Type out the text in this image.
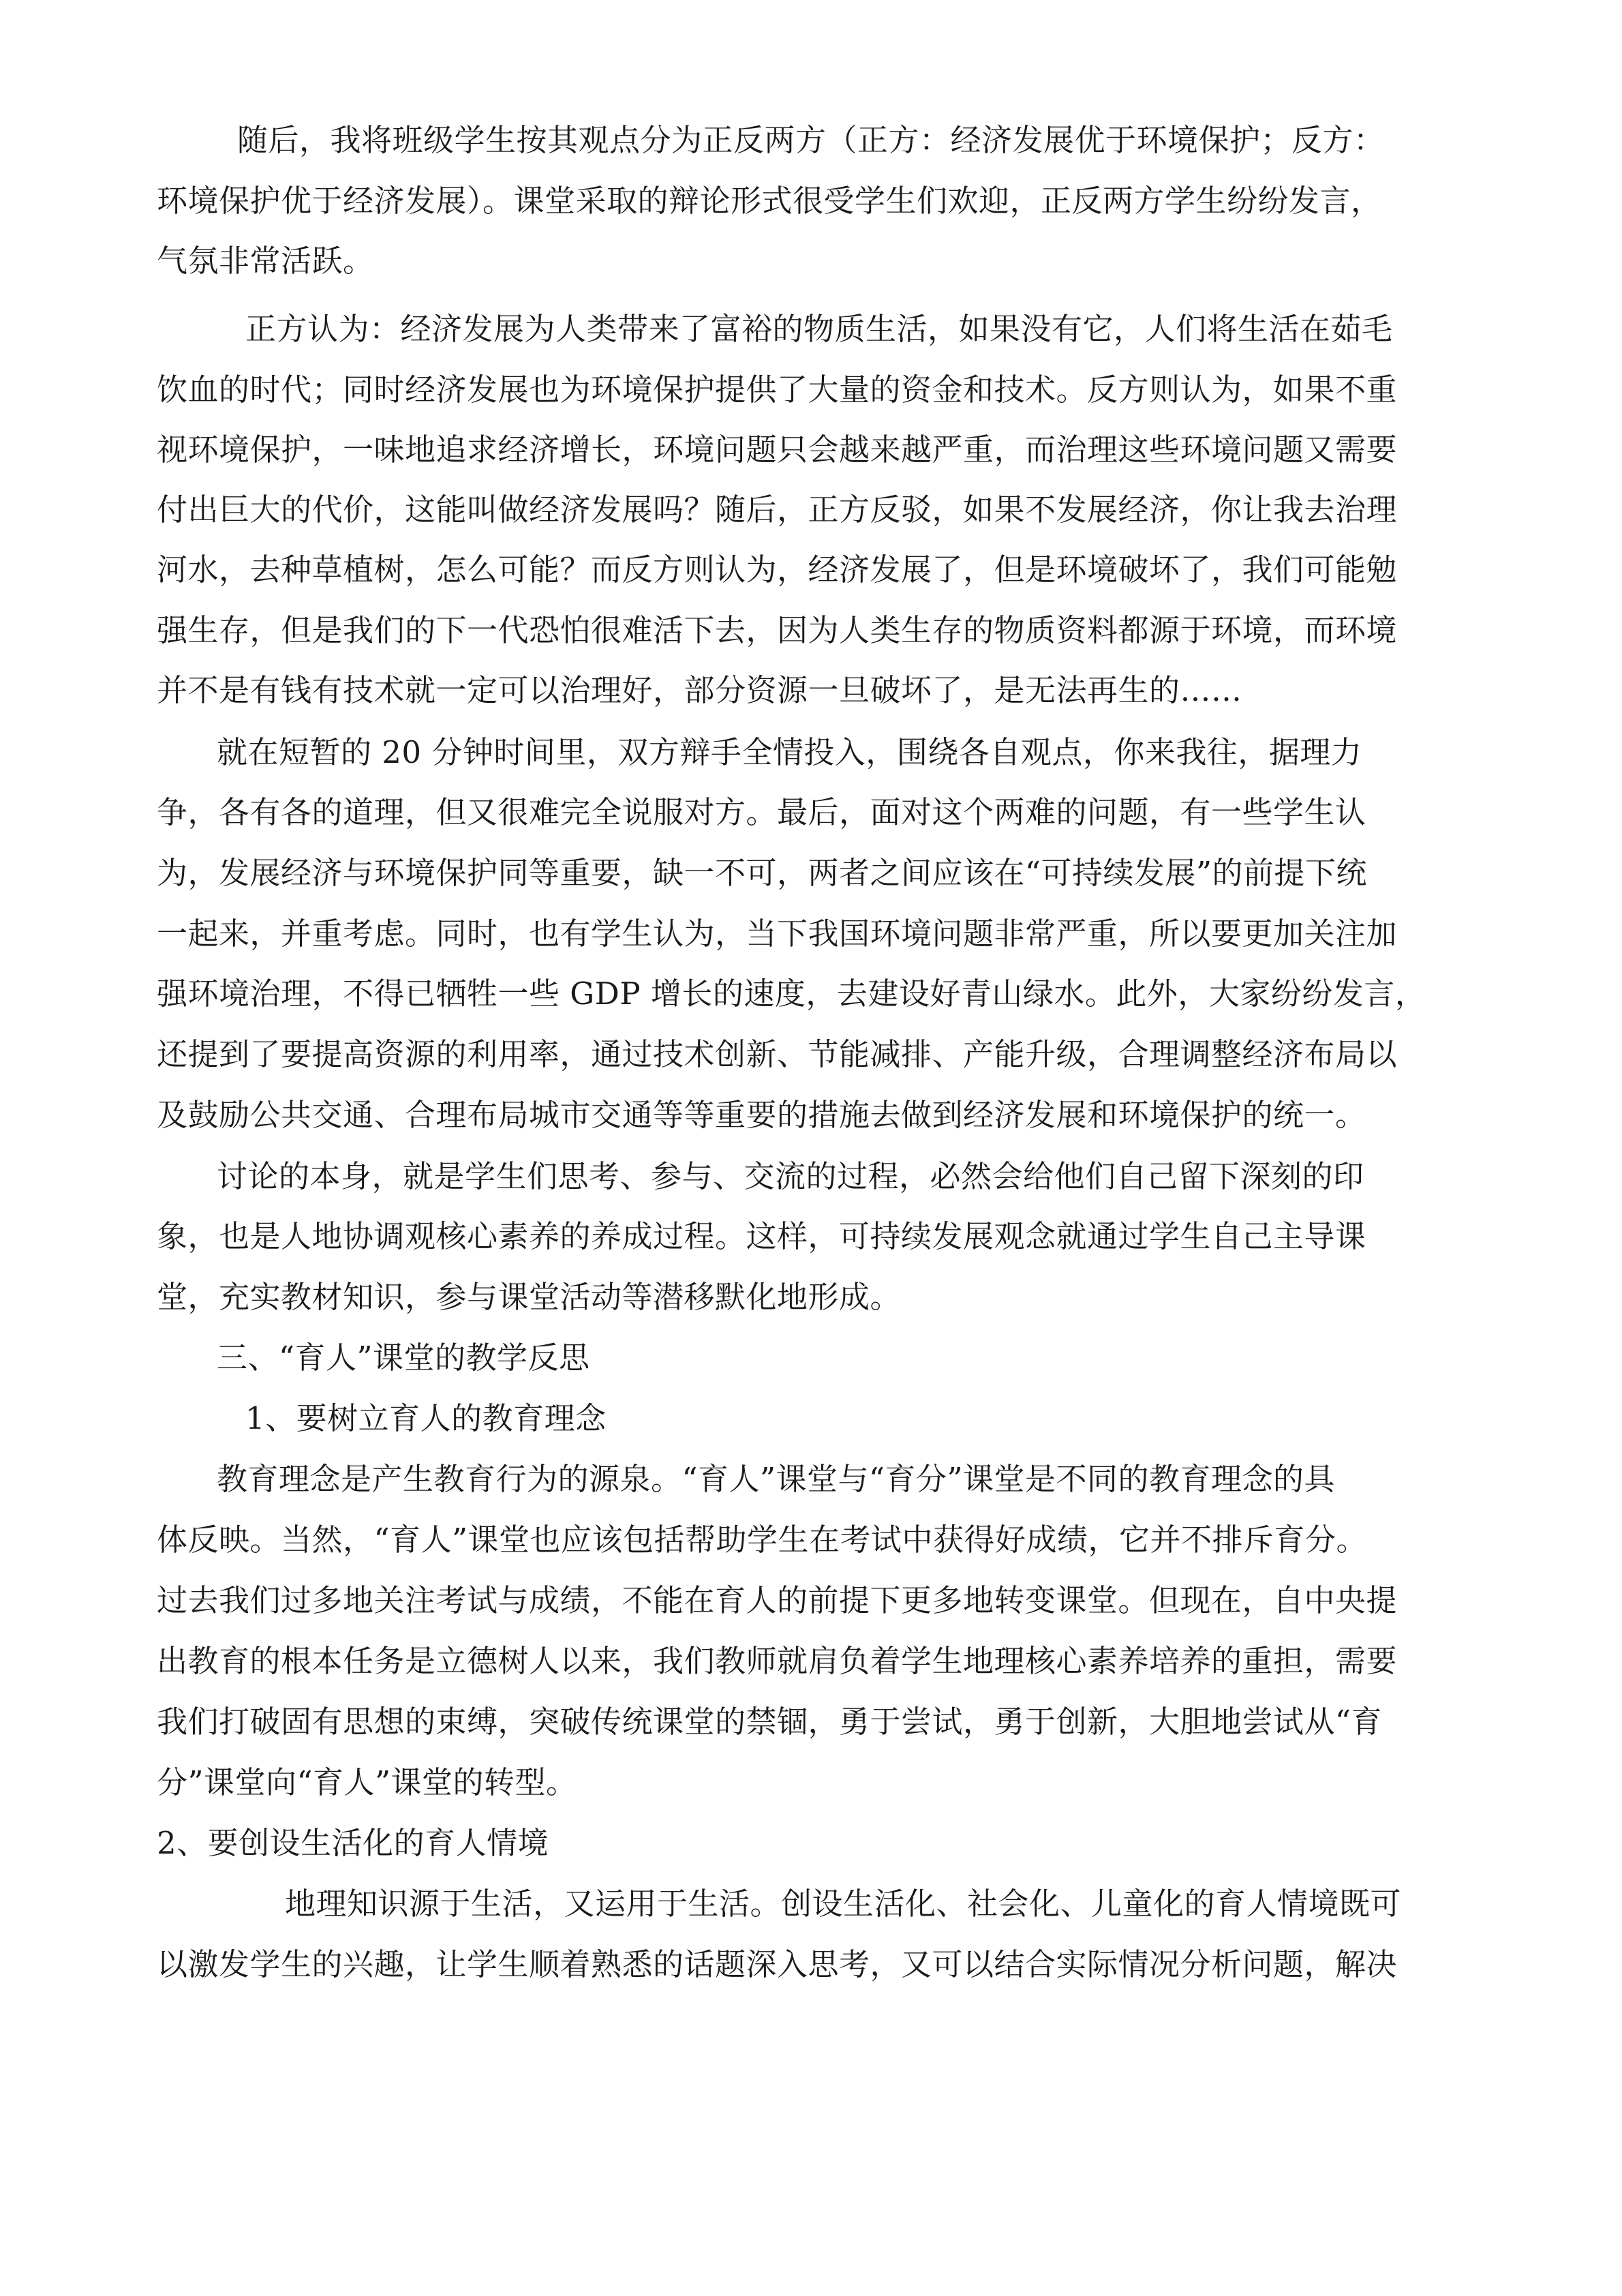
随后，我将班级学生按其观点分为正反两方（正方：经济发展优于环境保护；反方：
环境保护优于经济发展）。课堂采取的辩论形式很受学生们欢迎，正反两方学生纷纷发言，
气氛非常活跃。
正方认为：经济发展为人类带来了富裕的物质生活，如果没有它，人们将生活在茹毛
饮血的时代；同时经济发展也为环境保护提供了大量的资金和技术。反方则认为，如果不重
视环境保护，一味地追求经济增长，环境问题只会越来越严重，而治理这些环境问题又需要
付出巨大的代价，这能叫做经济发展吗？随后，正方反驳，如果不发展经济，你让我去治理
河水，去种草植树，怎么可能？而反方则认为，经济发展了，但是环境破坏了，我们可能勉
强生存，但是我们的下一代恐怕很难活下去，因为人类生存的物质资料都源于环境，而环境
并不是有钱有技术就一定可以治理好，部分资源一旦破坏了，是无法再生的……
就在短暂的 20 分钟时间里，双方辩手全情投入，围绕各自观点，你来我往，据理力
争，各有各的道理，但又很难完全说服对方。最后，面对这个两难的问题，有一些学生认
为，发展经济与环境保护同等重要，缺一不可，两者之间应该在“可持续发展”的前提下统
一起来，并重考虑。同时，也有学生认为，当下我国环境问题非常严重，所以要更加关注加
强环境治理，不得已牺牲一些 GDP 增长的速度，去建设好青山绿水。此外，大家纷纷发言，
还提到了要提高资源的利用率，通过技术创新、节能减排、产能升级，合理调整经济布局以
及鼓励公共交通、合理布局城市交通等等重要的措施去做到经济发展和环境保护的统一。
讨论的本身，就是学生们思考、参与、交流的过程，必然会给他们自己留下深刻的印
象，也是人地协调观核心素养的养成过程。这样，可持续发展观念就通过学生自己主导课
堂，充实教材知识，参与课堂活动等潜移默化地形成。
三、“育人”课堂的教学反思
1、要树立育人的教育理念
教育理念是产生教育行为的源泉。“育人”课堂与“育分”课堂是不同的教育理念的具
体反映。当然，“育人”课堂也应该包括帮助学生在考试中获得好成绩，它并不排斥育分。
过去我们过多地关注考试与成绩，不能在育人的前提下更多地转变课堂。但现在，自中央提
出教育的根本任务是立德树人以来，我们教师就肩负着学生地理核心素养培养的重担，需要
我们打破固有思想的束缚，突破传统课堂的禁锢，勇于尝试，勇于创新，大胆地尝试从“育
分”课堂向“育人”课堂的转型。
2、要创设生活化的育人情境
地理知识源于生活，又运用于生活。创设生活化、社会化、儿童化的育人情境既可
以激发学生的兴趣，让学生顺着熟悉的话题深入思考，又可以结合实际情况分析问题，解决
